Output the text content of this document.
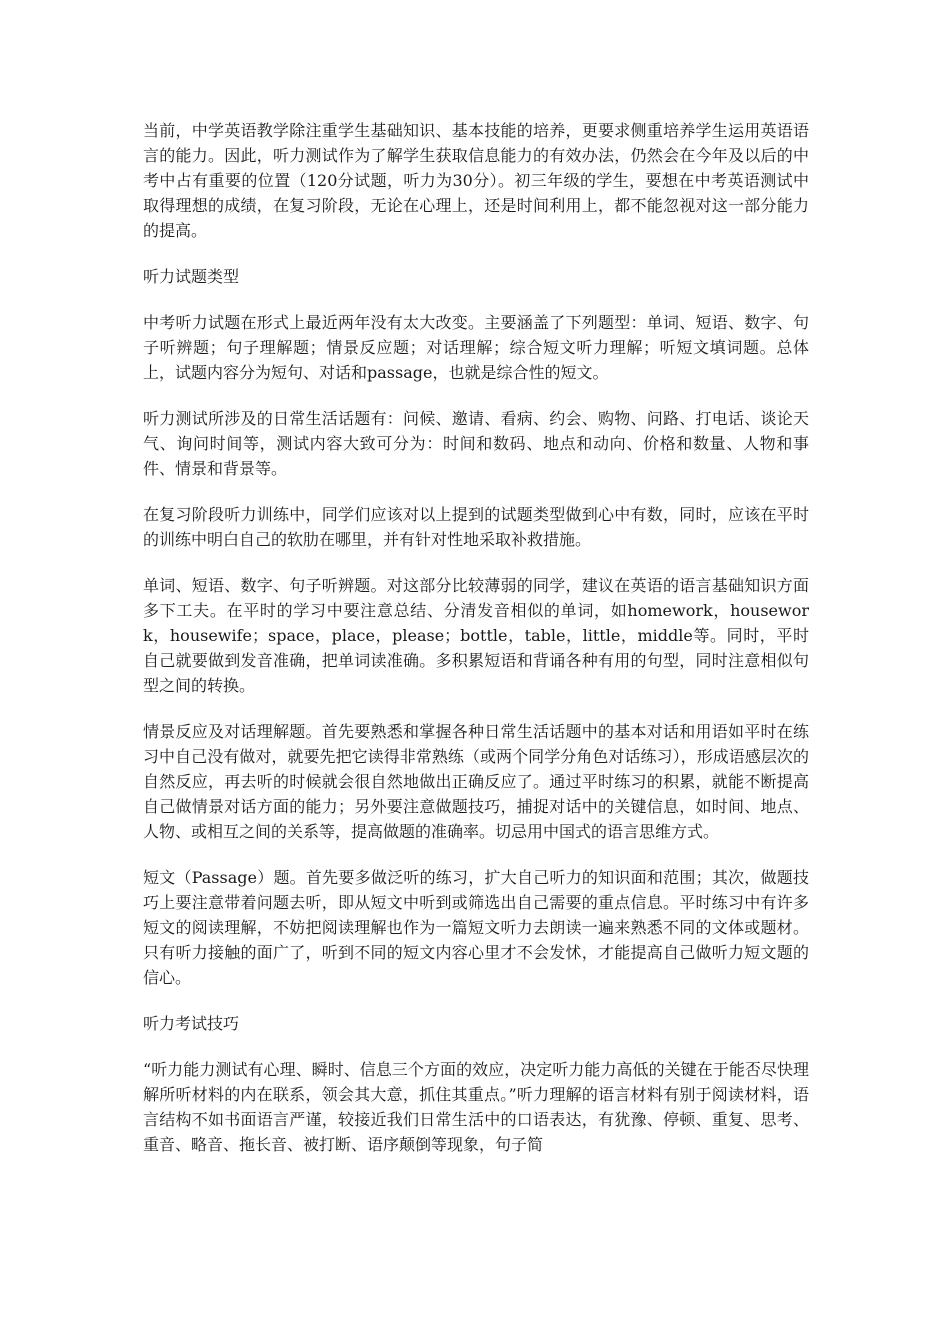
当前，中学英语教学除注重学生基础知识、基本技能的培养，更要求侧重培养学生运用英语语言的能力。因此，听力测试作为了解学生获取信息能力的有效办法，仍然会在今年及以后的中考中占有重要的位置（120分试题，听力为30分）。初三年级的学生，要想在中考英语测试中取得理想的成绩，在复习阶段，无论在心理上，还是时间利用上，都不能忽视对这一部分能力的提高。

听力试题类型

中考听力试题在形式上最近两年没有太大改变。主要涵盖了下列题型：单词、短语、数字、句子听辨题；句子理解题；情景反应题；对话理解；综合短文听力理解；听短文填词题。总体上，试题内容分为短句、对话和passage，也就是综合性的短文。

听力测试所涉及的日常生活话题有：问候、邀请、看病、约会、购物、问路、打电话、谈论天气、询问时间等，测试内容大致可分为：时间和数码、地点和动向、价格和数量、人物和事件、情景和背景等。

在复习阶段听力训练中，同学们应该对以上提到的试题类型做到心中有数，同时，应该在平时的训练中明白自己的软肋在哪里，并有针对性地采取补救措施。

单词、短语、数字、句子听辨题。对这部分比较薄弱的同学，建议在英语的语言基础知识方面多下工夫。在平时的学习中要注意总结、分清发音相似的单词，如homework，housework，housewife；space，place，please；bottle，table，little，middle等。同时，平时自己就要做到发音准确，把单词读准确。多积累短语和背诵各种有用的句型，同时注意相似句型之间的转换。

情景反应及对话理解题。首先要熟悉和掌握各种日常生活话题中的基本对话和用语如平时在练习中自己没有做对，就要先把它读得非常熟练（或两个同学分角色对话练习），形成语感层次的自然反应，再去听的时候就会很自然地做出正确反应了。通过平时练习的积累，就能不断提高自己做情景对话方面的能力；另外要注意做题技巧，捕捉对话中的关键信息，如时间、地点、人物、或相互之间的关系等，提高做题的准确率。切忌用中国式的语言思维方式。

短文（Passage）题。首先要多做泛听的练习，扩大自己听力的知识面和范围；其次，做题技巧上要注意带着问题去听，即从短文中听到或筛选出自己需要的重点信息。平时练习中有许多短文的阅读理解，不妨把阅读理解也作为一篇短文听力去朗读一遍来熟悉不同的文体或题材。只有听力接触的面广了，听到不同的短文内容心里才不会发怵，才能提高自己做听力短文题的信心。

听力考试技巧

“听力能力测试有心理、瞬时、信息三个方面的效应，决定听力能力高低的关键在于能否尽快理解所听材料的内在联系，领会其大意，抓住其重点。”听力理解的语言材料有别于阅读材料，语言结构不如书面语言严谨，较接近我们日常生活中的口语表达，有犹豫、停顿、重复、思考、重音、略音、拖长音、被打断、语序颠倒等现象，句子简
